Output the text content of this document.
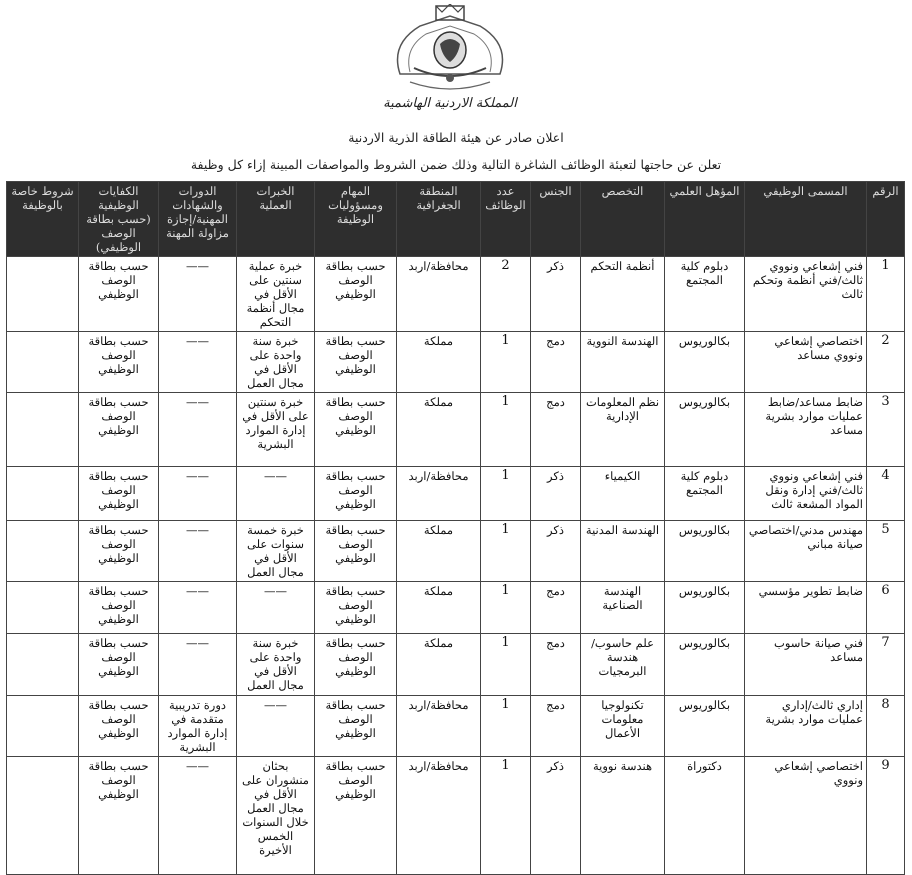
المملكة الاردنية الهاشمية
اعلان صادر عن هيئة الطاقة الذرية الاردنية
تعلن عن حاجتها لتعبئة الوظائف الشاغرة التالية وذلك ضمن الشروط والمواصفات المبينة إزاء كل وظيفة
الرقم	المسمى الوظيفي	المؤهل العلمي	التخصص	الجنس	عدد الوظائف	المنطقة الجغرافية	المهام ومسؤوليات الوظيفة	الخبرات العملية	الدورات والشهادات المهنية/إجازة مزاولة المهنة	الكفايات الوظيفية (حسب بطاقة الوصف الوظيفي)	شروط خاصة بالوظيفة
1	فني إشعاعي ونووي ثالث/فني أنظمة وتحكم ثالث	دبلوم كلية المجتمع	أنظمة التحكم	ذكر	2	محافظة/اربد	حسب بطاقة الوصف الوظيفي	خبرة عملية سنتين على الأقل في مجال أنظمة التحكم	——	حسب بطاقة الوصف الوظيفي	
2	اختصاصي إشعاعي ونووي مساعد	بكالوريوس	الهندسة النووية	دمج	1	مملكة	حسب بطاقة الوصف الوظيفي	خبرة سنة واحدة على الأقل في مجال العمل	——	حسب بطاقة الوصف الوظيفي	
3	ضابط مساعد/ضابط عمليات موارد بشرية مساعد	بكالوريوس	نظم المعلومات الإدارية	دمج	1	مملكة	حسب بطاقة الوصف الوظيفي	خبرة سنتين على الأقل في إدارة الموارد البشرية	——	حسب بطاقة الوصف الوظيفي	
4	فني إشعاعي ونووي ثالث/فني إدارة ونقل المواد المشعة ثالث	دبلوم كلية المجتمع	الكيمياء	ذكر	1	محافظة/اربد	حسب بطاقة الوصف الوظيفي	——	——	حسب بطاقة الوصف الوظيفي	
5	مهندس مدني/اختصاصي صيانة مباني	بكالوريوس	الهندسة المدنية	ذكر	1	مملكة	حسب بطاقة الوصف الوظيفي	خبرة خمسة سنوات على الأقل في مجال العمل	——	حسب بطاقة الوصف الوظيفي	
6	ضابط تطوير مؤسسي	بكالوريوس	الهندسة الصناعية	دمج	1	مملكة	حسب بطاقة الوصف الوظيفي	——	——	حسب بطاقة الوصف الوظيفي	
7	فني صيانة حاسوب مساعد	بكالوريوس	علم حاسوب/ هندسة البرمجيات	دمج	1	مملكة	حسب بطاقة الوصف الوظيفي	خبرة سنة واحدة على الأقل في مجال العمل	——	حسب بطاقة الوصف الوظيفي	
8	إداري ثالث/إداري عمليات موارد بشرية	بكالوريوس	تكنولوجيا معلومات الأعمال	دمج	1	محافظة/اربد	حسب بطاقة الوصف الوظيفي	——	دورة تدريبية متقدمة في إدارة الموارد البشرية	حسب بطاقة الوصف الوظيفي	
9	اختصاصي إشعاعي ونووي	دكتوراة	هندسة نووية	ذكر	1	محافظة/اربد	حسب بطاقة الوصف الوظيفي	بحثان منشوران على الأقل في مجال العمل خلال السنوات الخمس الأخيرة	——	حسب بطاقة الوصف الوظيفي	
